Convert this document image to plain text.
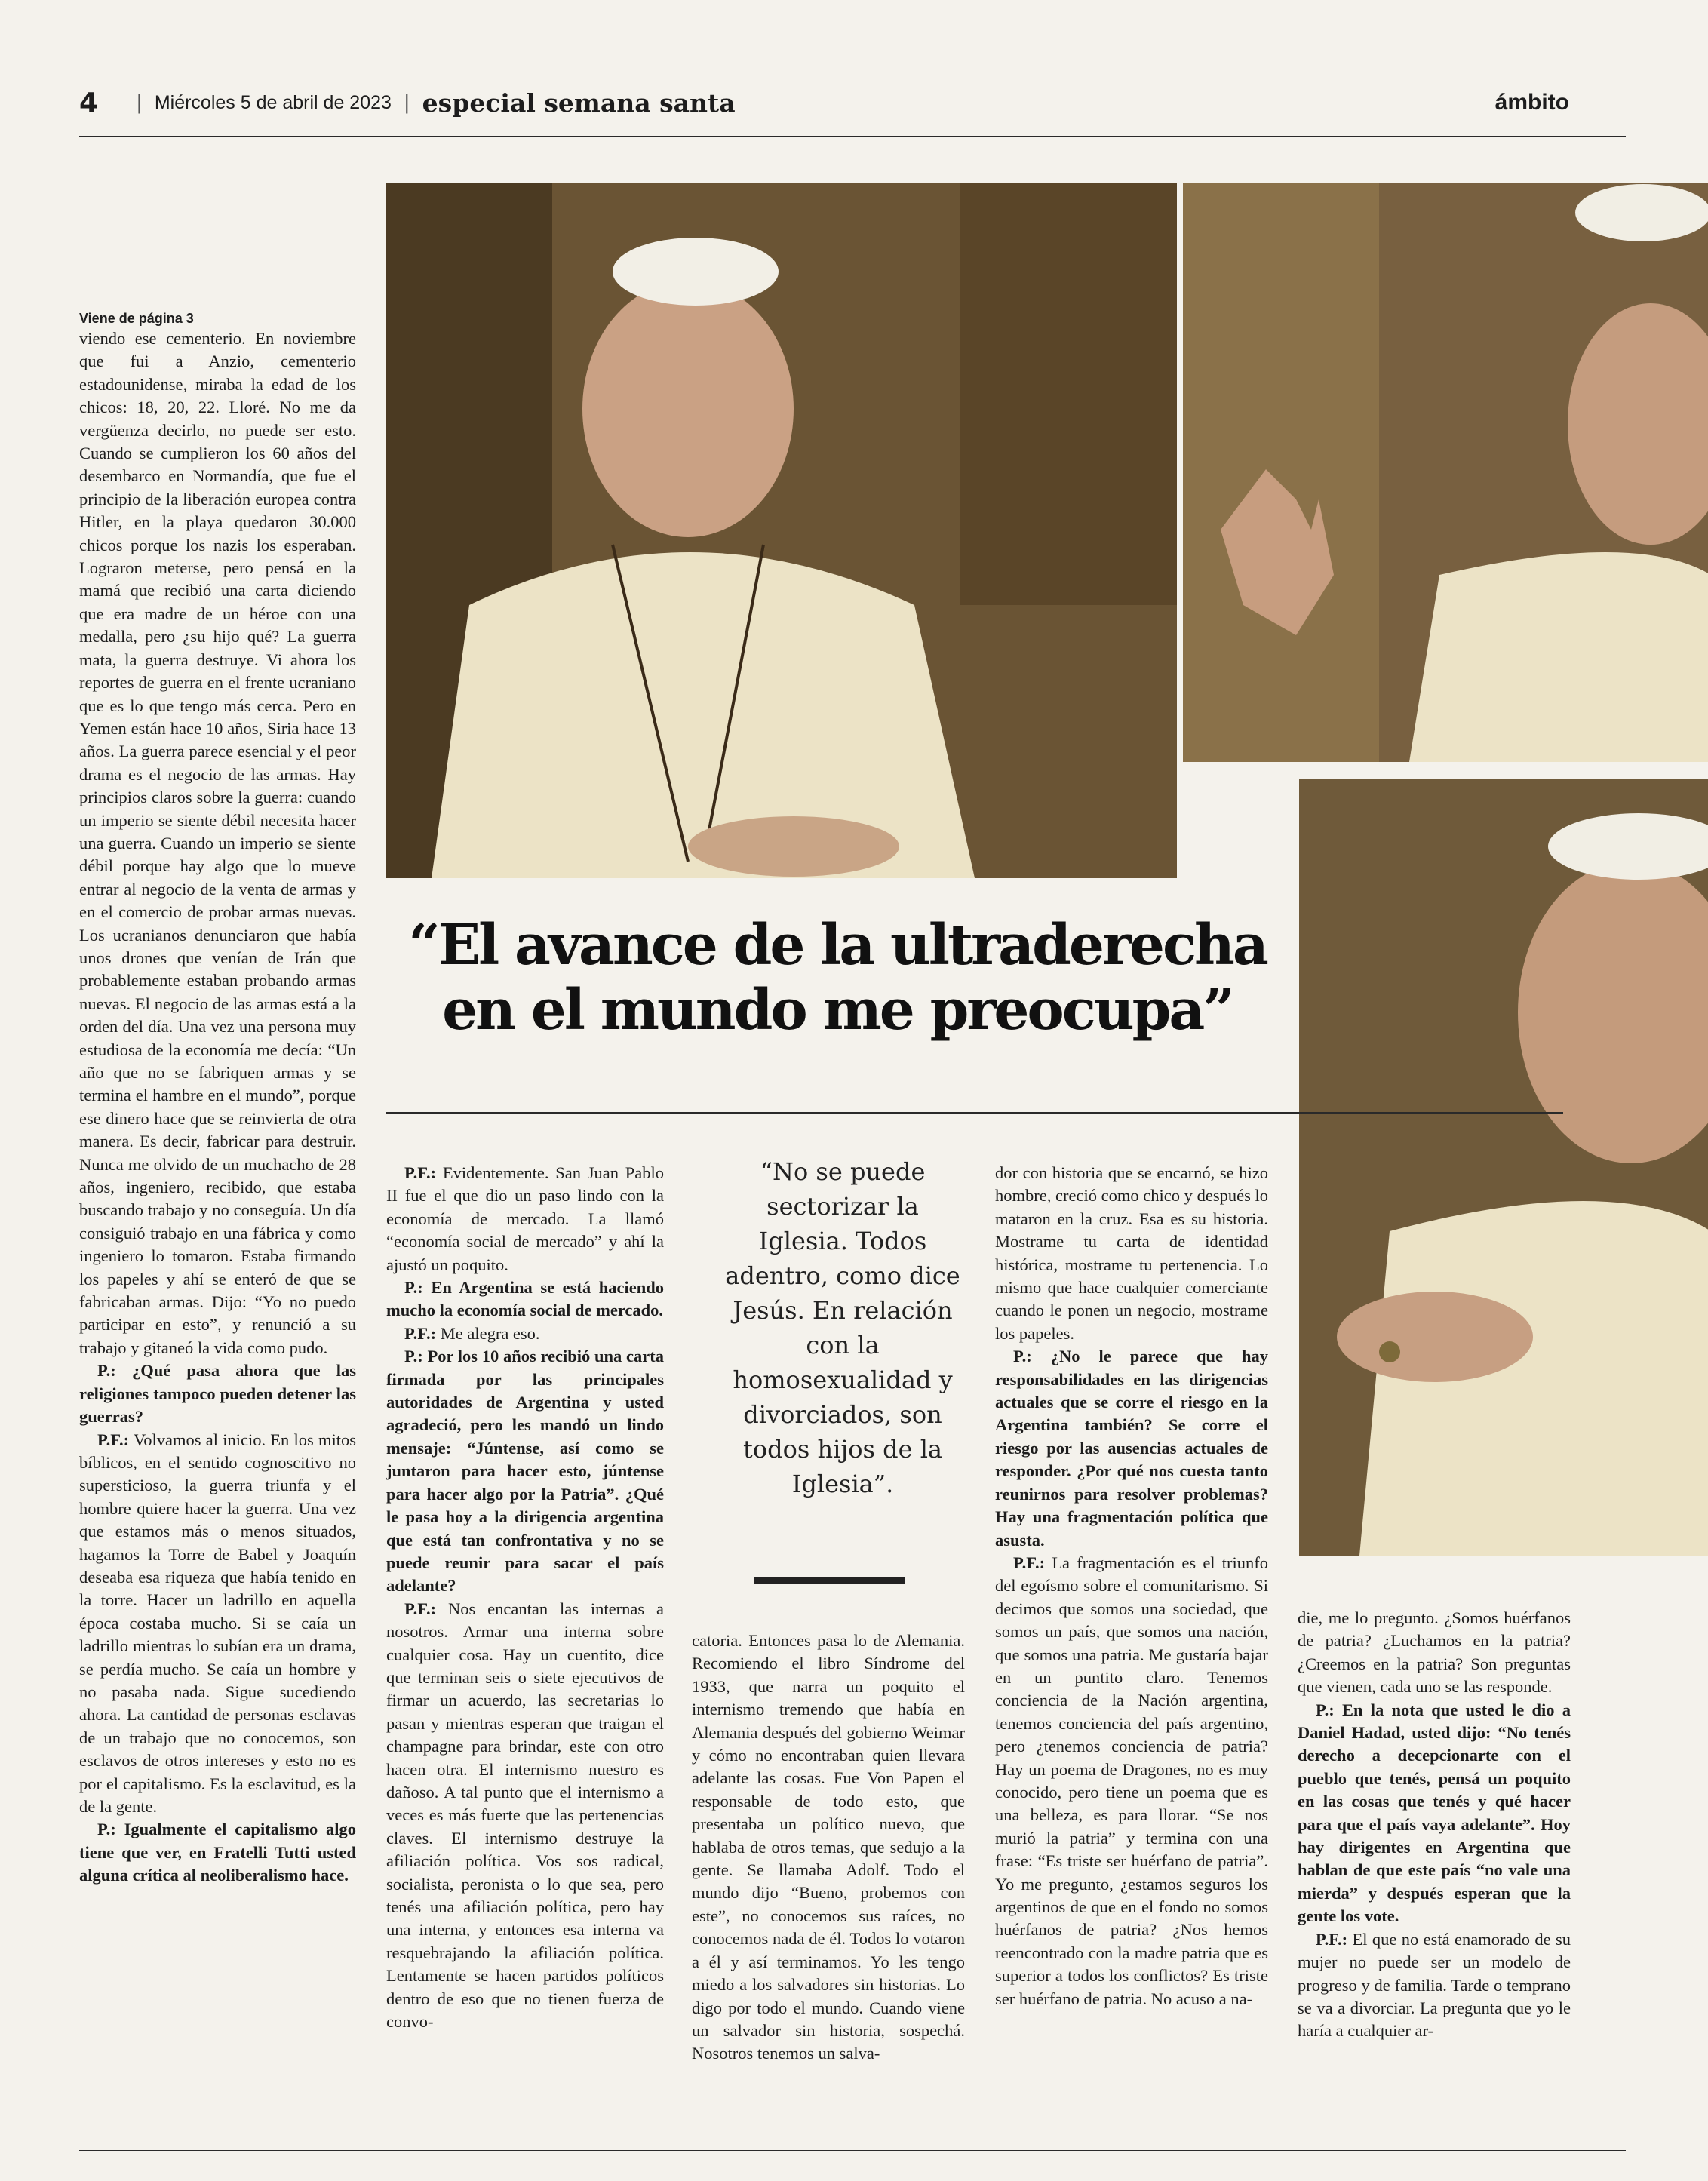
4 | Miércoles 5 de abril de 2023 | especial semana santa	ámbito
“El avance de la ultraderecha
en el mundo me preocupa”
Viene de página 3

viendo ese cementerio. En noviembre que fui a Anzio, cementerio estadounidense, miraba la edad de los chicos: 18, 20, 22. Lloré. No me da vergüenza decirlo, no puede ser esto. Cuando se cumplieron los 60 años del desembarco en Normandía, que fue el principio de la liberación europea contra Hitler, en la playa quedaron 30.000 chicos porque los nazis los esperaban. Lograron meterse, pero pensá en la mamá que recibió una carta diciendo que era madre de un héroe con una medalla, pero ¿su hijo qué? La guerra mata, la guerra destruye. Vi ahora los reportes de guerra en el frente ucraniano que es lo que tengo más cerca. Pero en Yemen están hace 10 años, Siria hace 13 años. La guerra parece esencial y el peor drama es el negocio de las armas. Hay principios claros sobre la guerra: cuando un imperio se siente débil necesita hacer una guerra. Cuando un imperio se siente débil porque hay algo que lo mueve entrar al negocio de la venta de armas y en el comercio de probar armas nuevas. Los ucranianos denunciaron que había unos drones que venían de Irán que probablemente estaban probando armas nuevas. El negocio de las armas está a la orden del día. Una vez una persona muy estudiosa de la economía me decía: “Un año que no se fabriquen armas y se termina el hambre en el mundo”, porque ese dinero hace que se reinvierta de otra manera. Es decir, fabricar para destruir. Nunca me olvido de un muchacho de 28 años, ingeniero, recibido, que estaba buscando trabajo y no conseguía. Un día consiguió trabajo en una fábrica y como ingeniero lo tomaron. Estaba firmando los papeles y ahí se enteró de que se fabricaban armas. Dijo: “Yo no puedo participar en esto”, y renunció a su trabajo y gitaneó la vida como pudo.

P.: ¿Qué pasa ahora que las religiones tampoco pueden detener las guerras?

P.F.: Volvamos al inicio. En los mitos bíblicos, en el sentido cognoscitivo no supersticioso, la guerra triunfa y el hombre quiere hacer la guerra. Una vez que estamos más o menos situados, hagamos la Torre de Babel y Joaquín deseaba esa riqueza que había tenido en la torre. Hacer un ladrillo en aquella época costaba mucho. Si se caía un ladrillo mientras lo subían era un drama, se perdía mucho. Se caía un hombre y no pasaba nada. Sigue sucediendo ahora. La cantidad de personas esclavas de un trabajo que no conocemos, son esclavos de otros intereses y esto no es por el capitalismo. Es la esclavitud, es la de la gente.

P.: Igualmente el capitalismo algo tiene que ver, en Fratelli Tutti usted alguna crítica al neoliberalismo hace.

P.F.: Evidentemente. San Juan Pablo II fue el que dio un paso lindo con la economía de mercado. La llamó “economía social de mercado” y ahí la ajustó un poquito.

P.: En Argentina se está haciendo mucho la economía social de mercado.

P.F.: Me alegra eso.

P.: Por los 10 años recibió una carta firmada por las principales autoridades de Argentina y usted agradeció, pero les mandó un lindo mensaje: “Júntense, así como se juntaron para hacer esto, júntense para hacer algo por la Patria”. ¿Qué le pasa hoy a la dirigencia argentina que está tan confrontativa y no se puede reunir para sacar el país adelante?

P.F.: Nos encantan las internas a nosotros. Armar una interna sobre cualquier cosa. Hay un cuentito, dice que terminan seis o siete ejecutivos de firmar un acuerdo, las secretarias lo pasan y mientras esperan que traigan el champagne para brindar, este con otro hacen otra. El internismo nuestro es dañoso. A tal punto que el internismo a veces es más fuerte que las pertenencias claves. El internismo destruye la afiliación política. Vos sos radical, socialista, peronista o lo que sea, pero tenés una afiliación política, pero hay una interna, y entonces esa interna va resquebrajando la afiliación política. Lentamente se hacen partidos políticos dentro de eso que no tienen fuerza de convo-

“No se puede sectorizar la Iglesia. Todos adentro, como dice Jesús. En relación con la homosexualidad y divorciados, son todos hijos de la Iglesia”.

catoria. Entonces pasa lo de Alemania. Recomiendo el libro Síndrome del 1933, que narra un poquito el internismo tremendo que había en Alemania después del gobierno Weimar y cómo no encontraban quien llevara adelante las cosas. Fue Von Papen el responsable de todo esto, que presentaba un político nuevo, que hablaba de otros temas, que sedujo a la gente. Se llamaba Adolf. Todo el mundo dijo “Bueno, probemos con este”, no conocemos sus raíces, no conocemos nada de él. Todos lo votaron a él y así terminamos. Yo les tengo miedo a los salvadores sin historias. Lo digo por todo el mundo. Cuando viene un salvador sin historia, sospechá. Nosotros tenemos un salva-

dor con historia que se encarnó, se hizo hombre, creció como chico y después lo mataron en la cruz. Esa es su historia. Mostrame tu carta de identidad histórica, mostrame tu pertenencia. Lo mismo que hace cualquier comerciante cuando le ponen un negocio, mostrame los papeles.

P.: ¿No le parece que hay responsabilidades en las dirigencias actuales que se corre el riesgo en la Argentina también? Se corre el riesgo por las ausencias actuales de responder. ¿Por qué nos cuesta tanto reunirnos para resolver problemas? Hay una fragmentación política que asusta.

P.F.: La fragmentación es el triunfo del egoísmo sobre el comunitarismo. Si decimos que somos una sociedad, que somos un país, que somos una nación, que somos una patria. Me gustaría bajar en un puntito claro. Tenemos conciencia de la Nación argentina, tenemos conciencia del país argentino, pero ¿tenemos conciencia de patria? Hay un poema de Dragones, no es muy conocido, pero tiene un poema que es una belleza, es para llorar. “Se nos murió la patria” y termina con una frase: “Es triste ser huérfano de patria”. Yo me pregunto, ¿estamos seguros los argentinos de que en el fondo no somos huérfanos de patria? ¿Nos hemos reencontrado con la madre patria que es superior a todos los conflictos? Es triste ser huérfano de patria. No acuso a na-

die, me lo pregunto. ¿Somos huérfanos de patria? ¿Luchamos en la patria? ¿Creemos en la patria? Son preguntas que vienen, cada uno se las responde.

P.: En la nota que usted le dio a Daniel Hadad, usted dijo: “No tenés derecho a decepcionarte con el pueblo que tenés, pensá un poquito en las cosas que tenés y qué hacer para que el país vaya adelante”. Hoy hay dirigentes en Argentina que hablan de que este país “no vale una mierda” y después esperan que la gente los vote.

P.F.: El que no está enamorado de su mujer no puede ser un modelo de progreso y de familia. Tarde o temprano se va a divorciar. La pregunta que yo le haría a cualquier ar-
